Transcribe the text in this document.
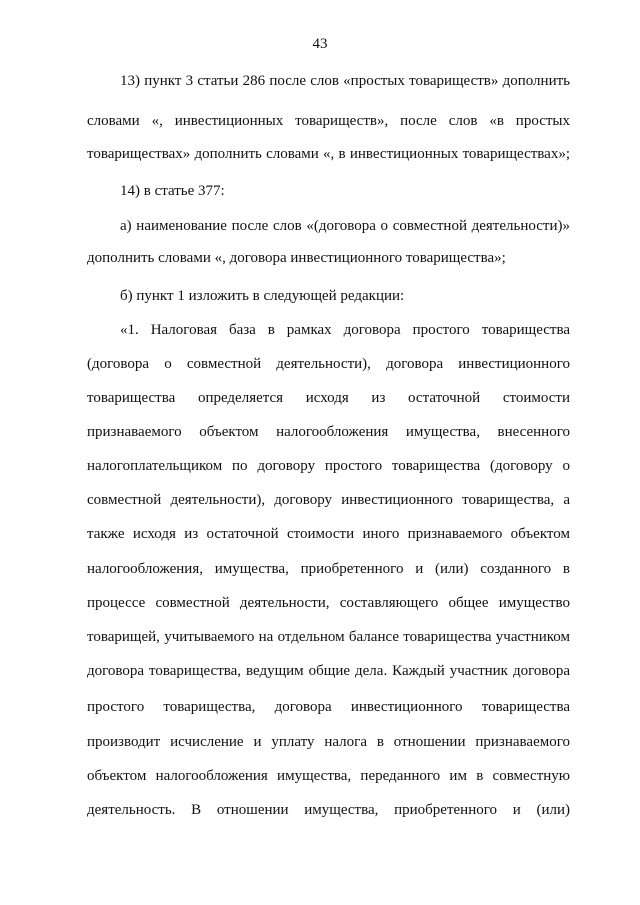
43
13) пункт 3 статьи 286 после слов «простых товариществ» дополнить
словами «, инвестиционных товариществ», после слов «в простых
товариществах» дополнить словами «, в инвестиционных товариществах»;
14) в статье 377:
а) наименование после слов «(договора о совместной деятельности)»
дополнить словами «, договора инвестиционного товарищества»;
б) пункт 1 изложить в следующей редакции:
«1. Налоговая база в рамках договора простого товарищества
(договора о совместной деятельности), договора инвестиционного
товарищества определяется исходя из остаточной стоимости
признаваемого объектом налогообложения имущества, внесенного
налогоплательщиком по договору простого товарищества (договору о
совместной деятельности), договору инвестиционного товарищества, а
также исходя из остаточной стоимости иного признаваемого объектом
налогообложения, имущества, приобретенного и (или) созданного в
процессе совместной деятельности, составляющего общее имущество
товарищей, учитываемого на отдельном балансе товарищества участником
договора товарищества, ведущим общие дела. Каждый участник договора
простого товарищества, договора инвестиционного товарищества
производит исчисление и уплату налога в отношении признаваемого
объектом налогообложения имущества, переданного им в совместную
деятельность. В отношении имущества, приобретенного и (или)
